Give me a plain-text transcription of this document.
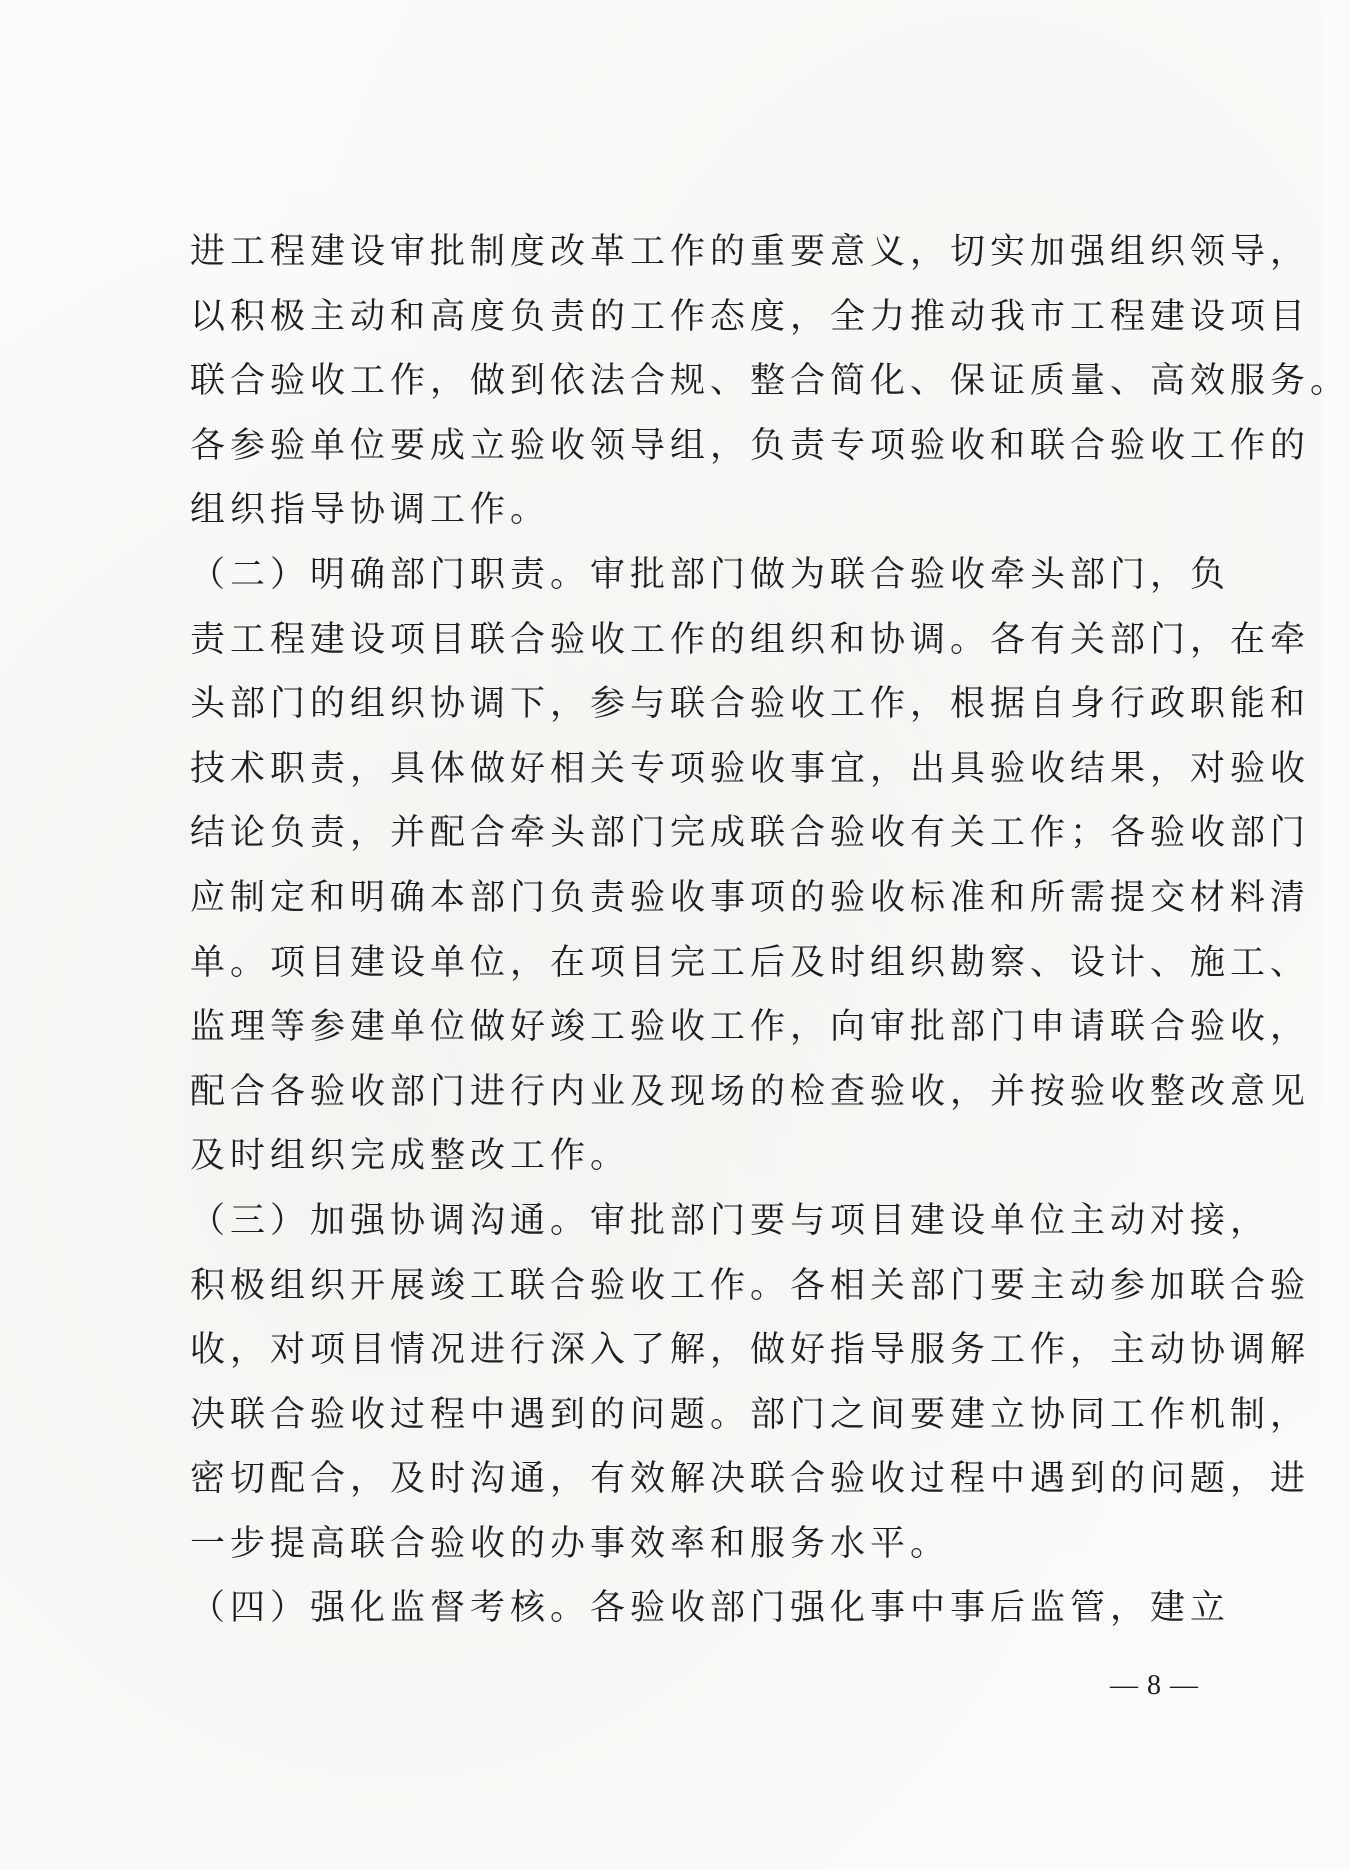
进工程建设审批制度改革工作的重要意义，切实加强组织领导，
以积极主动和高度负责的工作态度，全力推动我市工程建设项目
联合验收工作，做到依法合规、整合简化、保证质量、高效服务。
各参验单位要成立验收领导组，负责专项验收和联合验收工作的
组织指导协调工作。
（二）明确部门职责。审批部门做为联合验收牵头部门，负
责工程建设项目联合验收工作的组织和协调。各有关部门，在牵
头部门的组织协调下，参与联合验收工作，根据自身行政职能和
技术职责，具体做好相关专项验收事宜，出具验收结果，对验收
结论负责，并配合牵头部门完成联合验收有关工作；各验收部门
应制定和明确本部门负责验收事项的验收标准和所需提交材料清
单。项目建设单位，在项目完工后及时组织勘察、设计、施工、
监理等参建单位做好竣工验收工作，向审批部门申请联合验收，
配合各验收部门进行内业及现场的检查验收，并按验收整改意见
及时组织完成整改工作。
（三）加强协调沟通。审批部门要与项目建设单位主动对接，
积极组织开展竣工联合验收工作。各相关部门要主动参加联合验
收，对项目情况进行深入了解，做好指导服务工作，主动协调解
决联合验收过程中遇到的问题。部门之间要建立协同工作机制，
密切配合，及时沟通，有效解决联合验收过程中遇到的问题，进
一步提高联合验收的办事效率和服务水平。
（四）强化监督考核。各验收部门强化事中事后监管，建立
— 8 —
